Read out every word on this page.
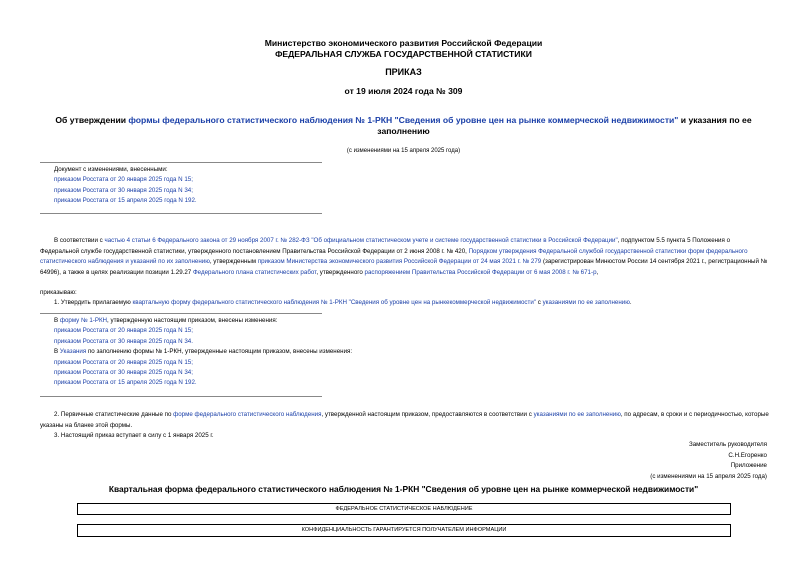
Министерство экономического развития Российской Федерации
ФЕДЕРАЛЬНАЯ СЛУЖБА ГОСУДАРСТВЕННОЙ СТАТИСТИКИ
ПРИКАЗ
от 19 июля 2024 года № 309
Об утверждении формы федерального статистического наблюдения № 1-РКН "Сведения об уровне цен на рынке коммерческой недвижимости" и указания по ее заполнению
(с изменениями на 15 апреля 2025 года)
Документ с изменениями, внесенными:
приказом Росстата от 20 января 2025 года N 15;
приказом Росстата от 30 января 2025 года N 34;
приказом Росстата от 15 апреля 2025 года N 192.
В соответствии с частью 4 статьи 6 Федерального закона от 29 ноября 2007 г. № 282-ФЗ "Об официальном статистическом учете и системе государственной статистики в Российской Федерации", подпунктом 5.5 пункта 5 Положения о Федеральной службе государственной статистики, утвержденного постановлением Правительства Российской Федерации от 2 июня 2008 г. № 420, Порядком утверждения Федеральной службой государственной статистики форм федерального статистического наблюдения и указаний по их заполнению, утвержденным приказом Министерства экономического развития Российской Федерации от 24 мая 2021 г. № 279 (зарегистрирован Минюстом России 14 сентября 2021 г., регистрационный № 64996), а также в целях реализации позиции 1.29.27 Федерального плана статистических работ, утвержденного распоряжением Правительства Российской Федерации от 6 мая 2008 г. № 671-р,
приказываю:
1. Утвердить прилагаемую квартальную форму федерального статистического наблюдения № 1-РКН "Сведения об уровне цен на рынкекоммерческой недвижимости" с указаниями по ее заполнению.
В форму № 1-РКН, утвержденную настоящим приказом, внесены изменения:
приказом Росстата от 20 января 2025 года N 15;
приказом Росстата от 30 января 2025 года N 34.
В Указания по заполнению формы № 1-РКН, утвержденные настоящим приказом, внесены изменения:
приказом Росстата от 20 января 2025 года N 15;
приказом Росстата от 30 января 2025 года N 34;
приказом Росстата от 15 апреля 2025 года N 192.
2. Первичные статистические данные по форме федерального статистического наблюдения, утвержденной настоящим приказом, предоставляются в соответствии с указаниями по ее заполнению, по адресам, в сроки и с периодичностью, которые указаны на бланке этой формы.
3. Настоящий приказ вступает в силу с 1 января 2025 г.
Заместитель руководителя
С.Н.Егоренко
Приложение
(с изменениями на 15 апреля 2025 года)
Квартальная форма федерального статистического наблюдения № 1-РКН "Сведения об уровне цен на рынке коммерческой недвижимости"
ФЕДЕРАЛЬНОЕ СТАТИСТИЧЕСКОЕ НАБЛЮДЕНИЕ
КОНФИДЕНЦИАЛЬНОСТЬ ГАРАНТИРУЕТСЯ ПОЛУЧАТЕЛЕМ ИНФОРМАЦИИ
